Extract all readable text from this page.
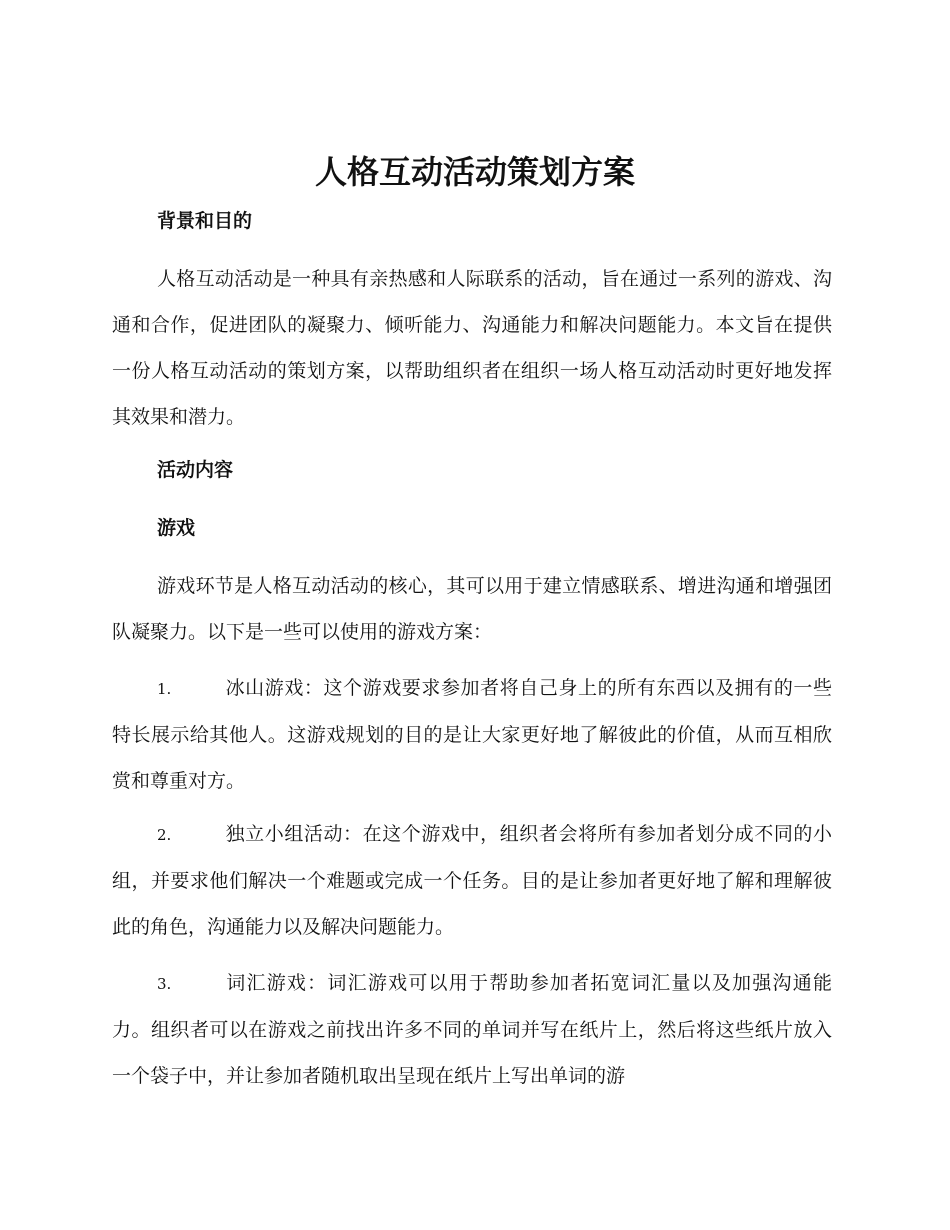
人格互动活动策划方案
背景和目的

人格互动活动是一种具有亲热感和人际联系的活动，旨在通过一系列的游戏、沟通和合作，促进团队的凝聚力、倾听能力、沟通能力和解决问题能力。本文旨在提供一份人格互动活动的策划方案，以帮助组织者在组织一场人格互动活动时更好地发挥其效果和潜力。

活动内容
游戏

游戏环节是人格互动活动的核心，其可以用于建立情感联系、增进沟通和增强团队凝聚力。以下是一些可以使用的游戏方案：

1.	冰山游戏：这个游戏要求参加者将自己身上的所有东西以及拥有的一些特长展示给其他人。这游戏规划的目的是让大家更好地了解彼此的价值，从而互相欣赏和尊重对方。

2.	独立小组活动：在这个游戏中，组织者会将所有参加者划分成不同的小组，并要求他们解决一个难题或完成一个任务。目的是让参加者更好地了解和理解彼此的角色，沟通能力以及解决问题能力。

3.	词汇游戏：词汇游戏可以用于帮助参加者拓宽词汇量以及加强沟通能力。组织者可以在游戏之前找出许多不同的单词并写在纸片上，然后将这些纸片放入一个袋子中，并让参加者随机取出呈现在纸片上写出单词的游
